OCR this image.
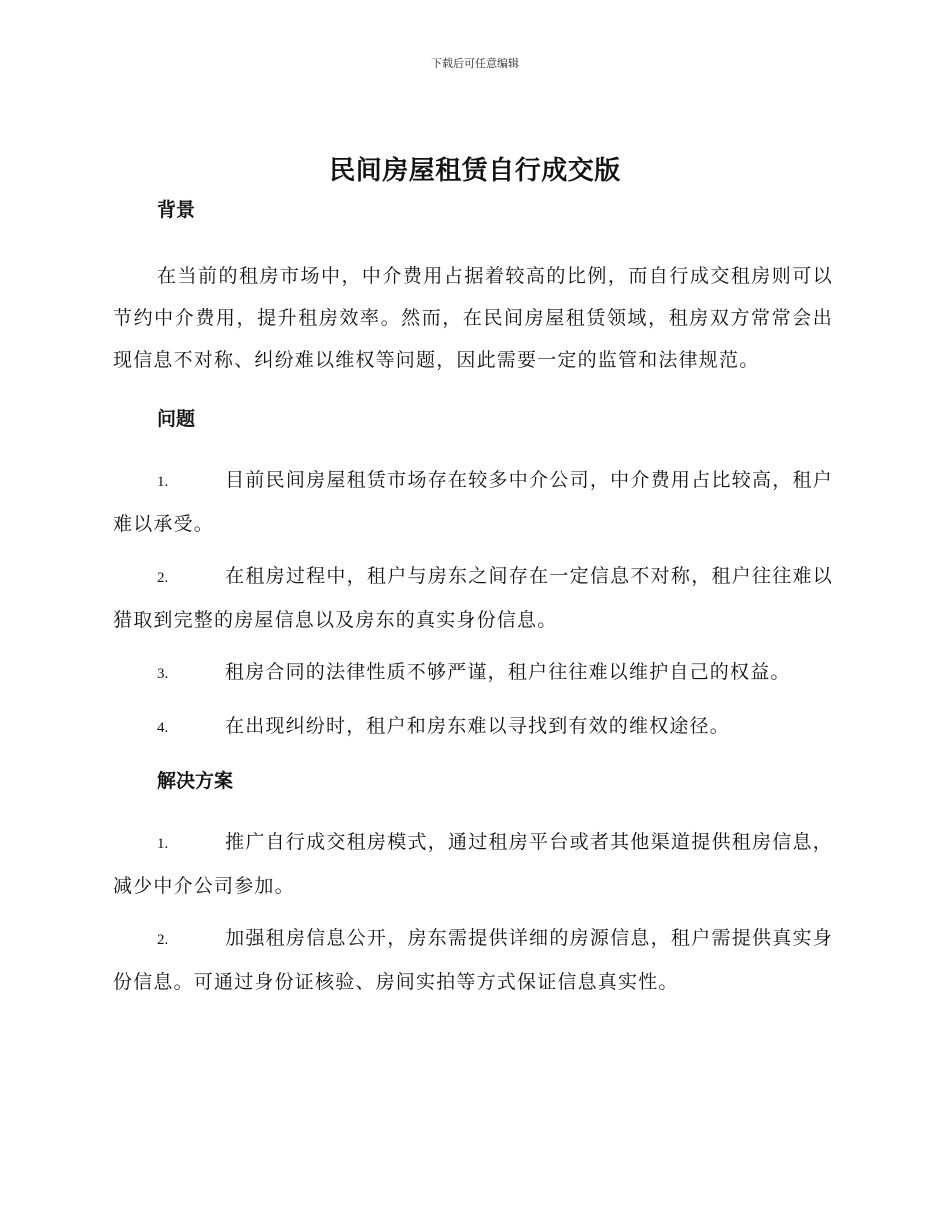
下载后可任意编辑
民间房屋租赁自行成交版
背景

在当前的租房市场中，中介费用占据着较高的比例，而自行成交租房则可以节约中介费用，提升租房效率。然而，在民间房屋租赁领域，租房双方常常会出现信息不对称、纠纷难以维权等问题，因此需要一定的监管和法律规范。

问题

1.	目前民间房屋租赁市场存在较多中介公司，中介费用占比较高，租户难以承受。

2.	在租房过程中，租户与房东之间存在一定信息不对称，租户往往难以猎取到完整的房屋信息以及房东的真实身份信息。

3.	租房合同的法律性质不够严谨，租户往往难以维护自己的权益。

4.	在出现纠纷时，租户和房东难以寻找到有效的维权途径。

解决方案

1.	推广自行成交租房模式，通过租房平台或者其他渠道提供租房信息，减少中介公司参加。

2.	加强租房信息公开，房东需提供详细的房源信息，租户需提供真实身份信息。可通过身份证核验、房间实拍等方式保证信息真实性。
